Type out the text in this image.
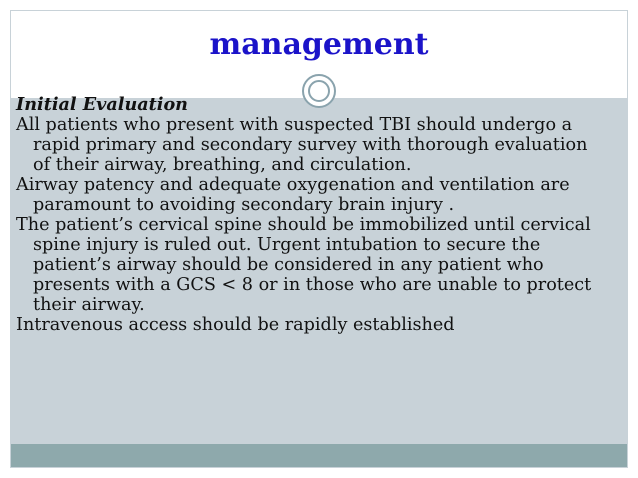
management

Initial Evaluation

All patients who present with suspected TBI should undergo a rapid primary and secondary survey with thorough evaluation of their airway, breathing, and circulation.

Airway patency and adequate oxygenation and ventilation are paramount to avoiding secondary brain injury .

The patient’s cervical spine should be immobilized until cervical spine injury is ruled out. Urgent intubation to secure the patient’s airway should be considered in any patient who presents with a GCS < 8 or in those who are unable to protect their airway.

Intravenous access should be rapidly established
